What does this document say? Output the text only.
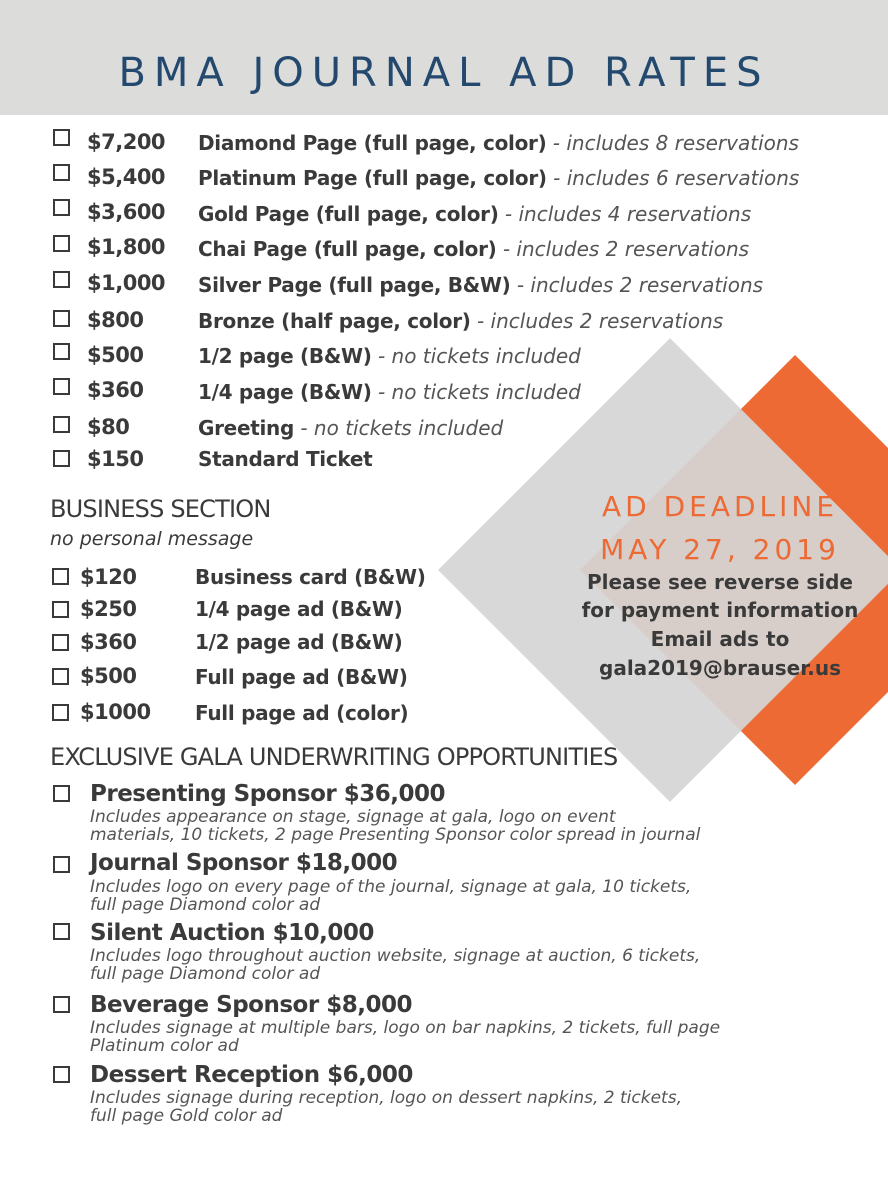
BMA JOURNAL AD RATES
$7,200 Diamond Page (full page, color) - includes 8 reservations
$5,400 Platinum Page (full page, color) - includes 6 reservations
$3,600 Gold Page (full page, color) - includes 4 reservations
$1,800 Chai Page (full page, color) - includes 2 reservations
$1,000 Silver Page (full page, B&W) - includes 2 reservations
$800	Bronze (half page, color) - includes 2 reservations
$500	1/2 page (B&W) - no tickets included
$360	1/4 page (B&W) - no tickets included
$80	Greeting - no tickets included
$150	Standard Ticket
BUSINESS SECTION
no personal message
$120	Business card (B&W)
$250	1/4 page ad (B&W)
$360	1/2 page ad (B&W)
$500	Full page ad (B&W)
$1000 Full page ad (color)
AD DEADLINE
MAY 27, 2019
Please see reverse side
for payment information
Email ads to
gala2019@brauser.us
EXCLUSIVE GALA UNDERWRITING OPPORTUNITIES
Presenting Sponsor $36,000
Includes appearance on stage, signage at gala, logo on event
materials, 10 tickets, 2 page Presenting Sponsor color spread in journal
Journal Sponsor $18,000
Includes logo on every page of the journal, signage at gala, 10 tickets,
full page Diamond color ad
Silent Auction $10,000
Includes logo throughout auction website, signage at auction, 6 tickets,
full page Diamond color ad
Beverage Sponsor $8,000
Includes signage at multiple bars, logo on bar napkins, 2 tickets, full page
Platinum color ad
Dessert Reception $6,000
Includes signage during reception, logo on dessert napkins, 2 tickets,
full page Gold color ad
